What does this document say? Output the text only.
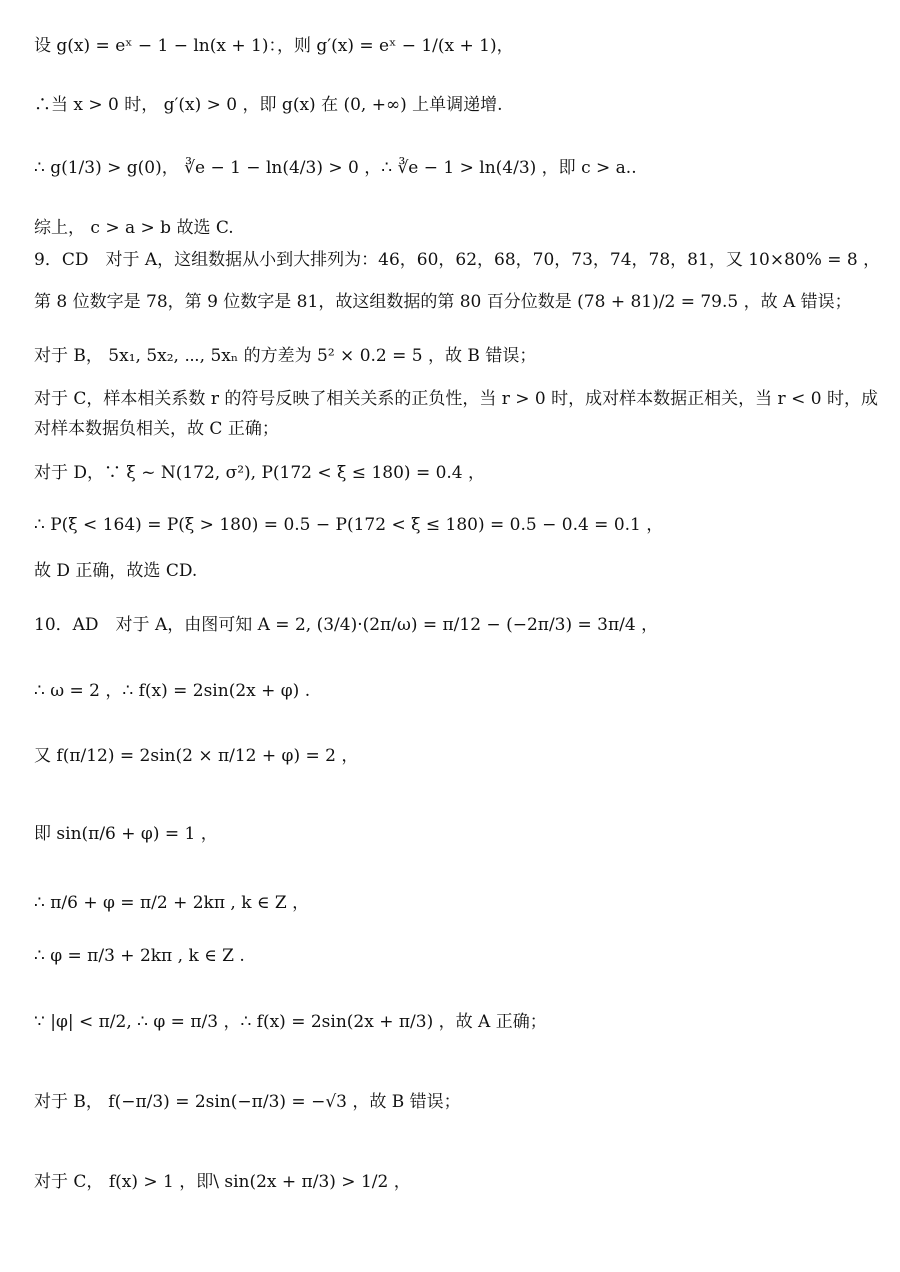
设 g(x) = eˣ − 1 − ln(x + 1)：，则 g′(x) = eˣ − 1/(x + 1)，
∴当 x > 0 时， g′(x) > 0 ，即 g(x) 在 (0, +∞) 上单调递增.
∴ g(1/3) > g(0)， ∛e − 1 − ln(4/3) > 0 ，∴ ∛e − 1 > ln(4/3) ，即 c > a..
综上， c > a > b 故选 C.
9．CD　对于 A，这组数据从小到大排列为：46，60，62，68，70，73，74，78，81，又 10×80% = 8 ，
第 8 位数字是 78，第 9 位数字是 81，故这组数据的第 80 百分位数是 (78 + 81)/2 = 79.5 ，故 A 错误；
对于 B， 5x₁, 5x₂, ⋯, 5xₙ 的方差为 5² × 0.2 = 5 ，故 B 错误；
对于 C，样本相关系数 r 的符号反映了相关关系的正负性，当 r > 0 时，成对样本数据正相关，当 r < 0 时，成对样本数据负相关，故 C 正确；
对于 D，∵ ξ ~ N(172, σ²), P(172 < ξ ≤ 180) = 0.4 ，
∴ P(ξ < 164) = P(ξ > 180) = 0.5 − P(172 < ξ ≤ 180) = 0.5 − 0.4 = 0.1 ，
故 D 正确，故选 CD.
10．AD　对于 A，由图可知 A = 2, (3/4)·(2π/ω) = π/12 − (−2π/3) = 3π/4 ，
∴ ω = 2 ，∴ f(x) = 2sin(2x + φ) .
又 f(π/12) = 2sin(2 × π/12 + φ) = 2 ，
即 sin(π/6 + φ) = 1 ，
∴ π/6 + φ = π/2 + 2kπ , k ∈ Z ，
∴ φ = π/3 + 2kπ , k ∈ Z .
∵ |φ| < π/2, ∴ φ = π/3 ，∴ f(x) = 2sin(2x + π/3) ，故 A 正确；
对于 B， f(−π/3) = 2sin(−π/3) = −√3 ，故 B 错误；
对于 C， f(x) > 1 ，即\ sin(2x + π/3) > 1/2 ，
